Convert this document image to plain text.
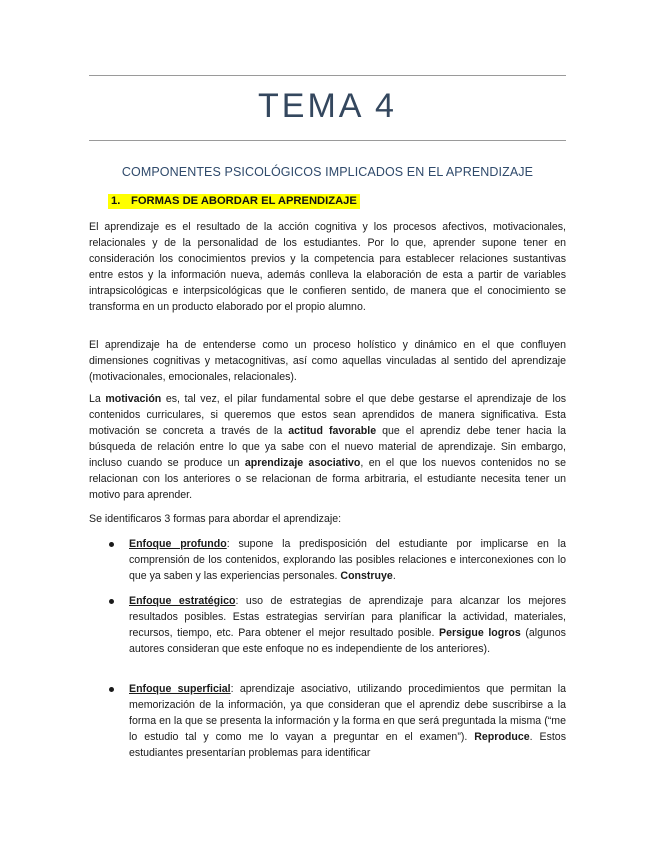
TEMA 4
COMPONENTES PSICOLÓGICOS IMPLICADOS EN EL APRENDIZAJE
1. FORMAS DE ABORDAR EL APRENDIZAJE

El aprendizaje es el resultado de la acción cognitiva y los procesos afectivos, motivacionales, relacionales y de la personalidad de los estudiantes. Por lo que, aprender supone tener en consideración los conocimientos previos y la competencia para establecer relaciones sustantivas entre estos y la información nueva, además conlleva la elaboración de esta a partir de variables intrapsicológicas e interpsicológicas que le confieren sentido, de manera que el conocimiento se transforma en un producto elaborado por el propio alumno.

El aprendizaje ha de entenderse como un proceso holístico y dinámico en el que confluyen dimensiones cognitivas y metacognitivas, así como aquellas vinculadas al sentido del aprendizaje (motivacionales, emocionales, relacionales).

La motivación es, tal vez, el pilar fundamental sobre el que debe gestarse el aprendizaje de los contenidos curriculares, si queremos que estos sean aprendidos de manera significativa. Esta motivación se concreta a través de la actitud favorable que el aprendiz debe tener hacia la búsqueda de relación entre lo que ya sabe con el nuevo material de aprendizaje. Sin embargo, incluso cuando se produce un aprendizaje asociativo, en el que los nuevos contenidos no se relacionan con los anteriores o se relacionan de forma arbitraria, el estudiante necesita tener un motivo para aprender.

Se identificaros 3 formas para abordar el aprendizaje:

Enfoque profundo: supone la predisposición del estudiante por implicarse en la comprensión de los contenidos, explorando las posibles relaciones e interconexiones con lo que ya saben y las experiencias personales. Construye.
Enfoque estratégico: uso de estrategias de aprendizaje para alcanzar los mejores resultados posibles. Estas estrategias servirían para planificar la actividad, materiales, recursos, tiempo, etc. Para obtener el mejor resultado posible. Persigue logros (algunos autores consideran que este enfoque no es independiente de los anteriores).
Enfoque superficial: aprendizaje asociativo, utilizando procedimientos que permitan la memorización de la información, ya que consideran que el aprendiz debe suscribirse a la forma en la que se presenta la información y la forma en que será preguntada la misma (“me lo estudio tal y como me lo vayan a preguntar en el examen”). Reproduce. Estos estudiantes presentarían problemas para identificar
